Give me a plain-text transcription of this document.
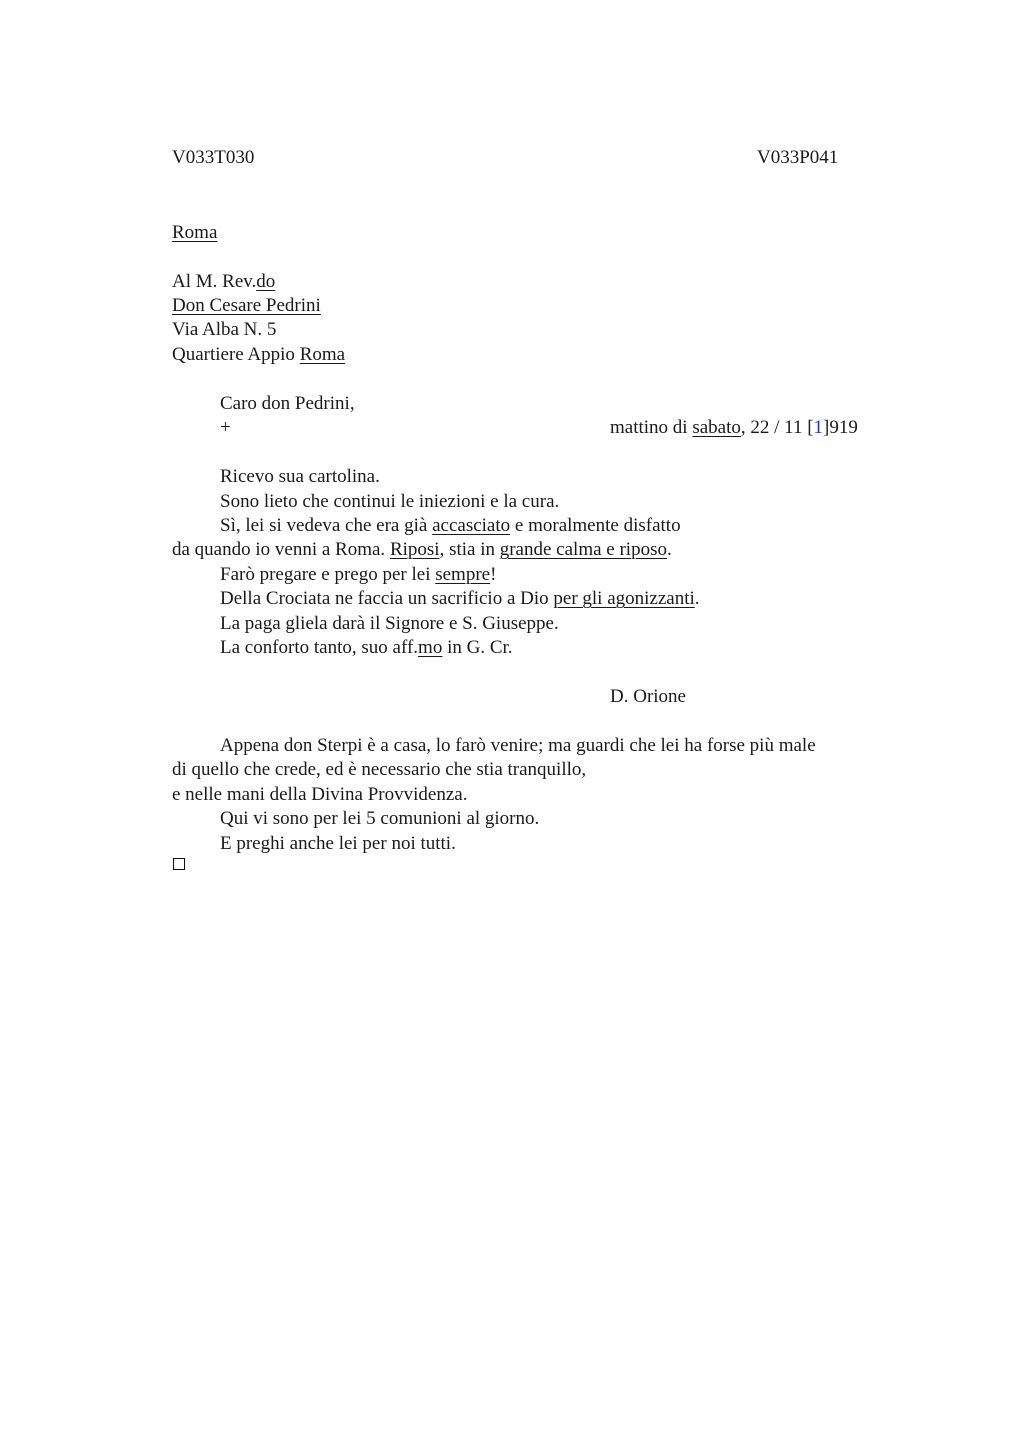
V033T030	V033P041
Roma
Al M. Rev.do
Don Cesare Pedrini
Via Alba N. 5
Quartiere Appio Roma
Caro don Pedrini,
+	mattino di sabato, 22 / 11 [1]919
Ricevo sua cartolina.
Sono lieto che continui le iniezioni e la cura.
Sì, lei si vedeva che era già accasciato e moralmente disfatto
da quando io venni a Roma. Riposi, stia in grande calma e riposo.
Farò pregare e prego per lei sempre!
Della Crociata ne faccia un sacrificio a Dio per gli agonizzanti.
La paga gliela darà il Signore e S. Giuseppe.
La conforto tanto, suo aff.mo in G. Cr.
D. Orione
Appena don Sterpi è a casa, lo farò venire; ma guardi che lei ha forse più male
di quello che crede, ed è necessario che stia tranquillo,
e nelle mani della Divina Provvidenza.
Qui vi sono per lei 5 comunioni al giorno.
E preghi anche lei per noi tutti.
